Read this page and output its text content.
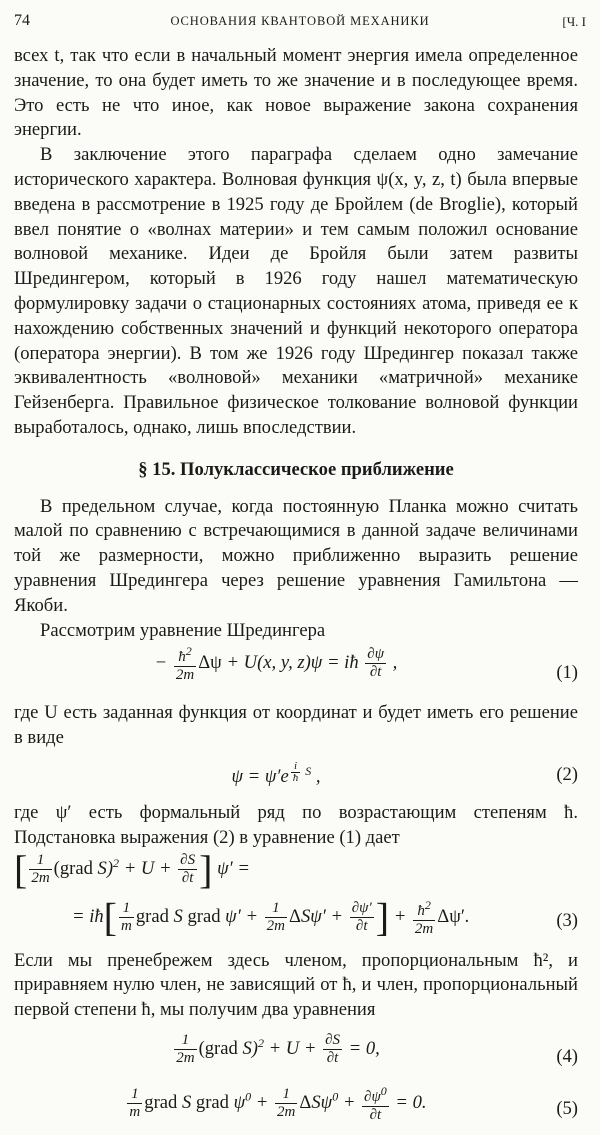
74	ОСНОВАНИЯ КВАНТОВОЙ МЕХАНИКИ	[Ч. I

всех t, так что если в начальный момент энергия имела определенное значение, то она будет иметь то же значение и в последующее время. Это есть не что иное, как новое выражение закона сохранения энергии.

В заключение этого параграфа сделаем одно замечание исторического характера. Волновая функция ψ(x, y, z, t) была впервые введена в рассмотрение в 1925 году де Бройлем (de Broglie), который ввел понятие о «волнах материи» и тем самым положил основание волновой механике. Идеи де Бройля были затем развиты Шредингером, который в 1926 году нашел математическую формулировку задачи о стационарных состояниях атома, приведя ее к нахождению собственных значений и функций некоторого оператора (оператора энергии). В том же 1926 году Шредингер показал также эквивалентность «волновой» механики «матричной» механике Гейзенберга. Правильное физическое толкование волновой функции выработалось, однако, лишь впоследствии.

§ 15. Полуклассическое приближение

В предельном случае, когда постоянную Планка можно считать малой по сравнению с встречающимися в данной задаче величинами той же размерности, можно приближенно выразить решение уравнения Шредингера через решение уравнения Гамильтона — Якоби.

Рассмотрим уравнение Шредингера

− $\frac{ħ^2}{2m}$ Δψ + U(x, y, z)ψ = iħ $\frac{\partial\psi}{\partial t}$ ,	(1)

где U есть заданная функция от координат и будет иметь его решение в виде

ψ = ψ′e $^{\frac{i}{ħ} S}$ ,	(2)

где ψ′ есть формальный ряд по возрастающим степеням ħ. Подстановка выражения (2) в уравнение (1) дает

[ $\frac{1}{2m}$ (grad $S)^2 + U + \frac{\partial S}{\partial t}$ ] ψ′ =
= iħ[ $\frac{1}{m}$ grad S grad $\psi' + \frac{1}{2m} \Delta S\psi' + \frac{\partial\psi'}{\partial t}$ ] + $\frac{ħ^2}{2m} \Delta\psi'$.	(3)

Если мы пренебрежем здесь членом, пропорциональным ħ², и приравняем нулю член, не зависящий от ħ, и член, пропорциональный первой степени ħ, мы получим два уравнения

$\frac{1}{2m}$ (grad $S)^2 + U + \frac{\partial S}{\partial t} = 0$,	(4)
$\frac{1}{m}$ grad S grad $\psi^0 + \frac{1}{2m} \Delta S\psi^0 + \frac{\partial\psi^0}{\partial t} = 0$.	(5)
